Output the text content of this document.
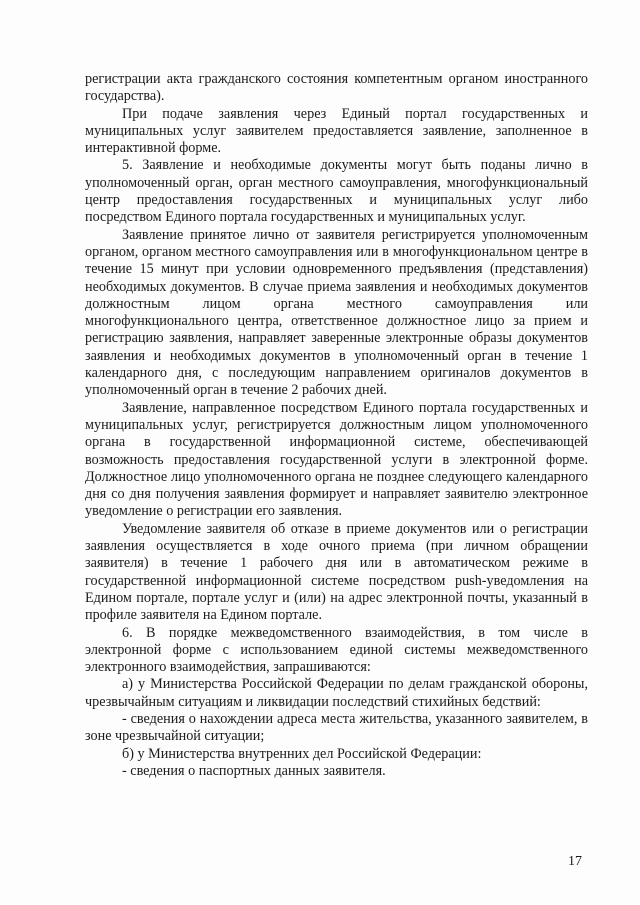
регистрации акта гражданского состояния компетентным органом иностранного государства).

При подаче заявления через Единый портал государственных и муниципальных услуг заявителем предоставляется заявление, заполненное в интерактивной форме.

5. Заявление и необходимые документы могут быть поданы лично в уполномоченный орган, орган местного самоуправления, многофункциональный центр предоставления государственных и муниципальных услуг либо посредством Единого портала государственных и муниципальных услуг.

Заявление принятое лично от заявителя регистрируется уполномоченным органом, органом местного самоуправления или в многофункциональном центре в течение 15 минут при условии одновременного предъявления (представления) необходимых документов. В случае приема заявления и необходимых документов должностным лицом органа местного самоуправления или многофункционального центра, ответственное должностное лицо за прием и регистрацию заявления, направляет заверенные электронные образы документов заявления и необходимых документов в уполномоченный орган в течение 1 календарного дня, с последующим направлением оригиналов документов в уполномоченный орган в течение 2 рабочих дней.

Заявление, направленное посредством Единого портала государственных и муниципальных услуг, регистрируется должностным лицом уполномоченного органа в государственной информационной системе, обеспечивающей возможность предоставления государственной услуги в электронной форме. Должностное лицо уполномоченного органа не позднее следующего календарного дня со дня получения заявления формирует и направляет заявителю электронное уведомление о регистрации его заявления.

Уведомление заявителя об отказе в приеме документов или о регистрации заявления осуществляется в ходе очного приема (при личном обращении заявителя) в течение 1 рабочего дня или в автоматическом режиме в государственной информационной системе посредством push-уведомления на Едином портале, портале услуг и (или) на адрес электронной почты, указанный в профиле заявителя на Едином портале.

6. В порядке межведомственного взаимодействия, в том числе в электронной форме с использованием единой системы межведомственного электронного взаимодействия, запрашиваются:

а) у Министерства Российской Федерации по делам гражданской обороны, чрезвычайным ситуациям и ликвидации последствий стихийных бедствий:

- сведения о нахождении адреса места жительства, указанного заявителем, в зоне чрезвычайной ситуации;

б) у Министерства внутренних дел Российской Федерации:

- сведения о паспортных данных заявителя.

17
